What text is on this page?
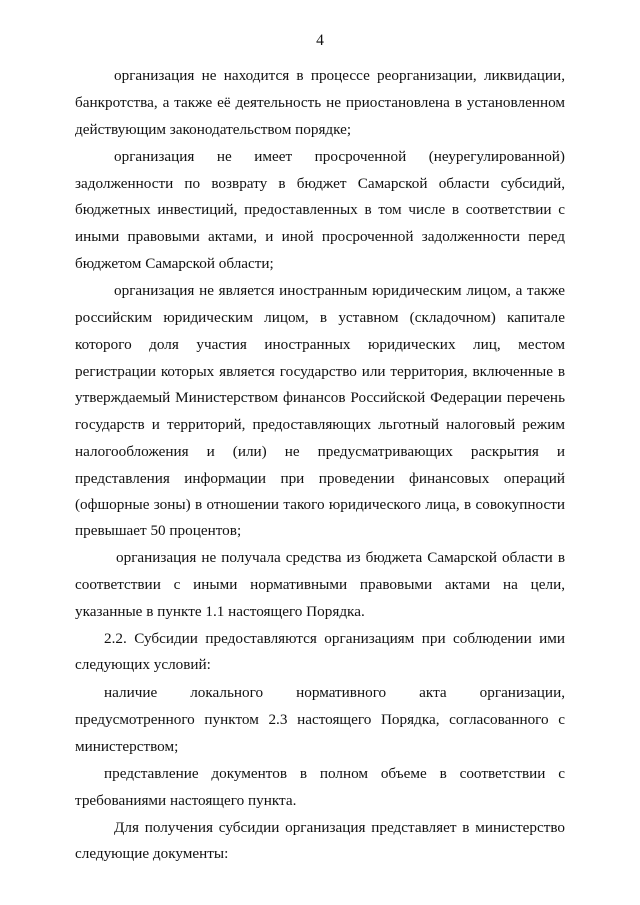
4
организация не находится в процессе реорганизации, ликвидации,
банкротства, а также её деятельность не приостановлена в установленном
действующим законодательством порядке;
организация не имеет просроченной (неурегулированной)
задолженности по возврату в бюджет Самарской области субсидий,
бюджетных инвестиций, предоставленных в том числе в соответствии с
иными правовыми актами, и иной просроченной задолженности перед
бюджетом Самарской области;
организация не является иностранным юридическим лицом, а также
российским юридическим лицом, в уставном (складочном) капитале
которого доля участия иностранных юридических лиц, местом
регистрации которых является государство или территория, включенные в
утверждаемый Министерством финансов Российской Федерации перечень
государств и территорий, предоставляющих льготный налоговый режим
налогообложения и (или) не предусматривающих раскрытия и
представления информации при проведении финансовых операций
(офшорные зоны) в отношении такого юридического лица, в совокупности
превышает 50 процентов;
организация не получала средства из бюджета Самарской области в
соответствии с иными нормативными правовыми актами на цели,
указанные в пункте 1.1 настоящего Порядка.
2.2. Субсидии предоставляются организациям при соблюдении ими
следующих условий:
наличие локального нормативного акта организации,
предусмотренного пунктом 2.3 настоящего Порядка, согласованного с
министерством;
представление документов в полном объеме в соответствии с
требованиями настоящего пункта.
Для получения субсидии организация представляет в министерство
следующие документы:
